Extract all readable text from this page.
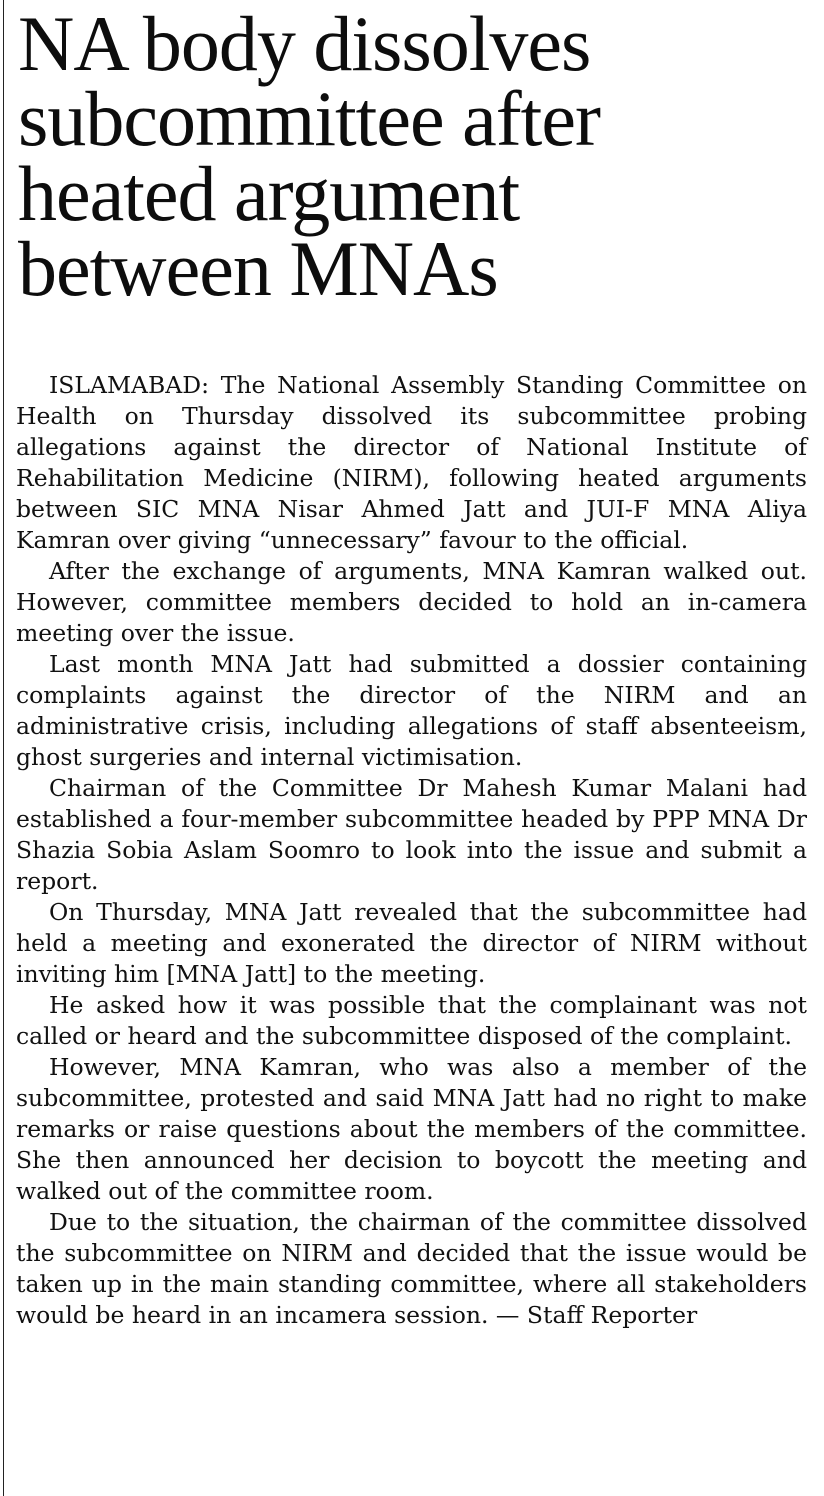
NA body dissolves
subcommittee after
heated argument
between MNAs

ISLAMABAD: The National Assembly Standing Committee on Health on Thursday dissolved its subcommittee probing allegations against the director of National Institute of Rehabilitation Medicine (NIRM), following heated arguments between SIC MNA Nisar Ahmed Jatt and JUI-F MNA Aliya Kamran over giving “unnecessary” favour to the official.

After the exchange of arguments, MNA Kamran walked out. However, committee members decided to hold an in-camera meeting over the issue.

Last month MNA Jatt had submitted a dossier containing complaints against the director of the NIRM and an administrative crisis, including allegations of staff absenteeism, ghost surgeries and internal victimisation.

Chairman of the Committee Dr Mahesh Kumar Malani had established a four-member subcommittee headed by PPP MNA Dr Shazia Sobia Aslam Soomro to look into the issue and submit a report.

On Thursday, MNA Jatt revealed that the subcommittee had held a meeting and exonerated the director of NIRM without inviting him [MNA Jatt] to the meeting.

He asked how it was possible that the complainant was not called or heard and the subcommittee disposed of the complaint.

However, MNA Kamran, who was also a member of the subcommittee, protested and said MNA Jatt had no right to make remarks or raise questions about the members of the committee. She then announced her decision to boycott the meeting and walked out of the committee room.

Due to the situation, the chairman of the committee dissolved the subcommittee on NIRM and decided that the issue would be taken up in the main standing committee, where all stakeholders would be heard in an incamera session. — Staff Reporter
